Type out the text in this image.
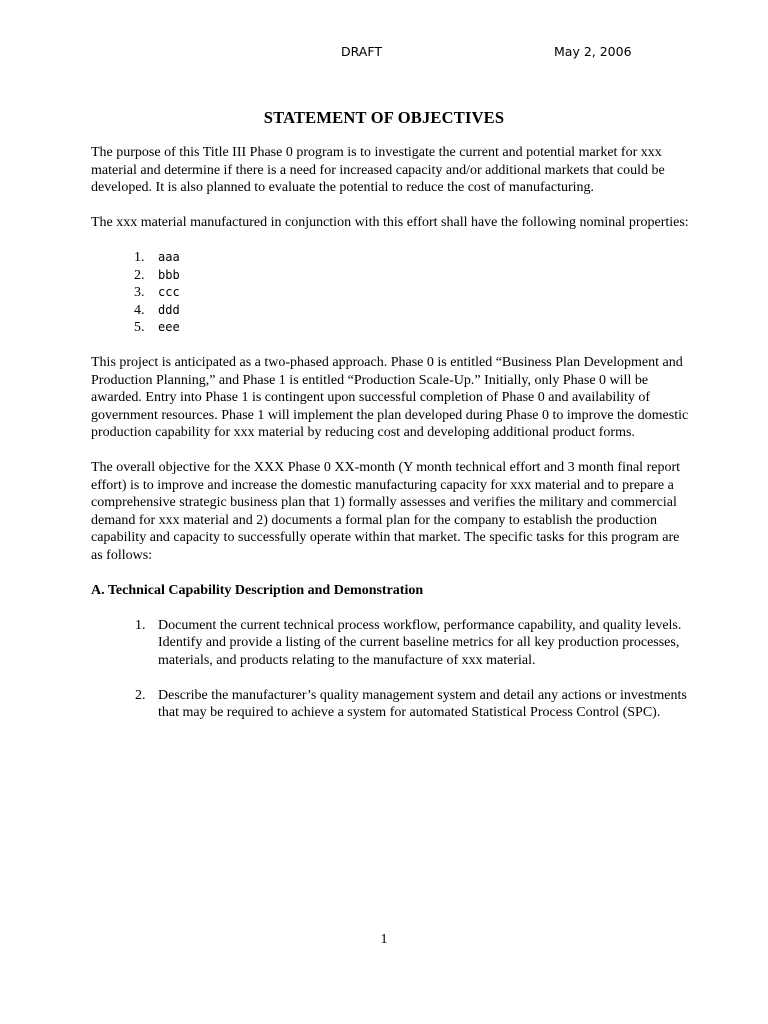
DRAFT	May 2, 2006
STATEMENT OF OBJECTIVES

The purpose of this Title III Phase 0 program is to investigate the current and potential market for xxx material and determine if there is a need for increased capacity and/or additional markets that could be developed. It is also planned to evaluate the potential to reduce the cost of manufacturing.

The xxx material manufactured in conjunction with this effort shall have the following nominal properties:

1. aaa
2. bbb
3. ccc
4. ddd
5. eee

This project is anticipated as a two-phased approach. Phase 0 is entitled “Business Plan Development and Production Planning,” and Phase 1 is entitled “Production Scale-Up.” Initially, only Phase 0 will be awarded. Entry into Phase 1 is contingent upon successful completion of Phase 0 and availability of government resources. Phase 1 will implement the plan developed during Phase 0 to improve the domestic production capability for xxx material by reducing cost and developing additional product forms.

The overall objective for the XXX Phase 0 XX-month (Y month technical effort and 3 month final report effort) is to improve and increase the domestic manufacturing capacity for xxx material and to prepare a comprehensive strategic business plan that 1) formally assesses and verifies the military and commercial demand for xxx material and 2) documents a formal plan for the company to establish the production capability and capacity to successfully operate within that market. The specific tasks for this program are as follows:

A. Technical Capability Description and Demonstration
1. Document the current technical process workflow, performance capability, and quality levels. Identify and provide a listing of the current baseline metrics for all key production processes, materials, and products relating to the manufacture of xxx material.
2. Describe the manufacturer’s quality management system and detail any actions or investments that may be required to achieve a system for automated Statistical Process Control (SPC).
1
